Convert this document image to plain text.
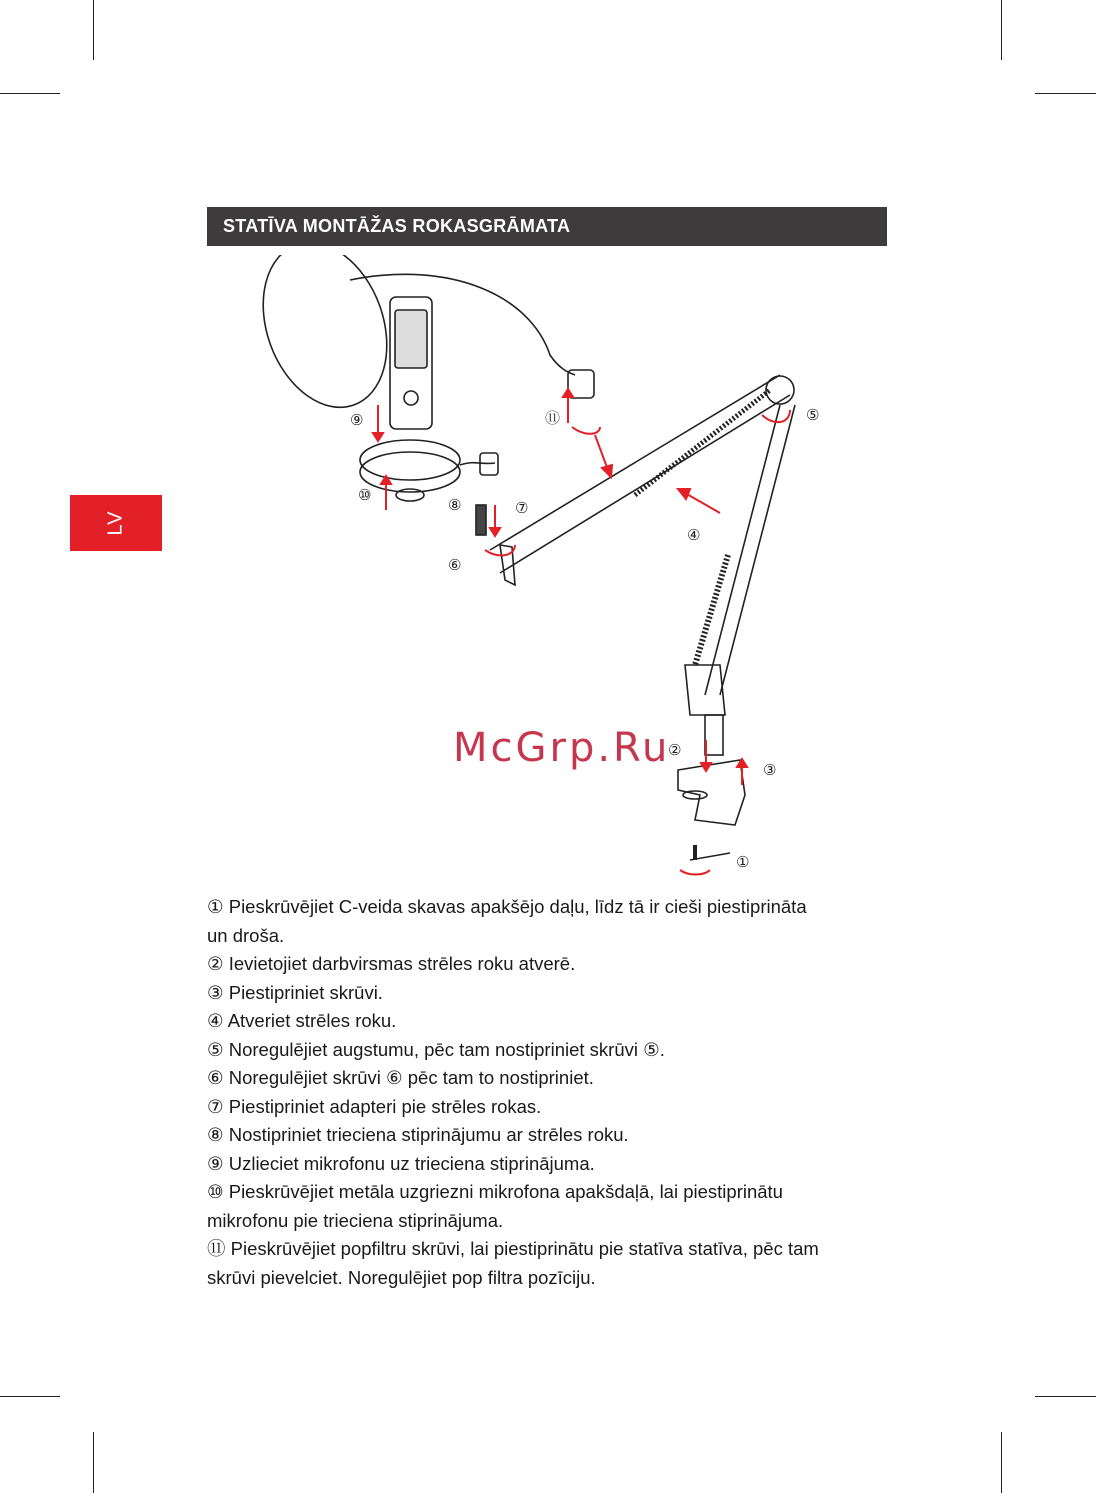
STATĪVA MONTĀŽAS ROKASGRĀMATA
LV
⑨
⑩
⑧	⑦
⑥
⑪	⑤
④
②
③
①
McGrp.Ru

① Pieskrūvējiet C-veida skavas apakšējo daļu, līdz tā ir cieši piestiprināta

un droša.

② Ievietojiet darbvirsmas strēles roku atverē.

③ Piestipriniet skrūvi.

④ Atveriet strēles roku.

⑤ Noregulējiet augstumu, pēc tam nostipriniet skrūvi ⑤.

⑥ Noregulējiet skrūvi ⑥ pēc tam to nostipriniet.

⑦ Piestipriniet adapteri pie strēles rokas.

⑧ Nostipriniet trieciena stiprinājumu ar strēles roku.

⑨ Uzlieciet mikrofonu uz trieciena stiprinājuma.

⑩ Pieskrūvējiet metāla uzgriezni mikrofona apakšdaļā, lai piestiprinātu

mikrofonu pie trieciena stiprinājuma.

⑪ Pieskrūvējiet popfiltru skrūvi, lai piestiprinātu pie statīva statīva, pēc tam

skrūvi pievelciet. Noregulējiet pop filtra pozīciju.
